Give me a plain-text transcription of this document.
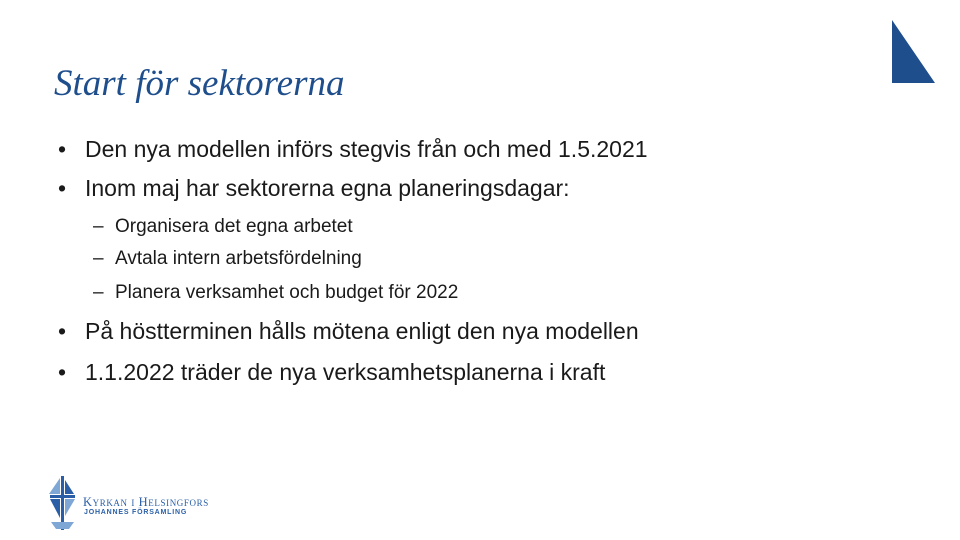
Start för sektorerna
• Den nya modellen införs stegvis från och med 1.5.2021
• Inom maj har sektorerna egna planeringsdagar:
– Organisera det egna arbetet
– Avtala intern arbetsfördelning
– Planera verksamhet och budget för 2022
• På höstterminen hålls mötena enligt den nya modellen
• 1.1.2022 träder de nya verksamhetsplanerna i kraft
Kyrkan i Helsingfors
JOHANNES FÖRSAMLING
